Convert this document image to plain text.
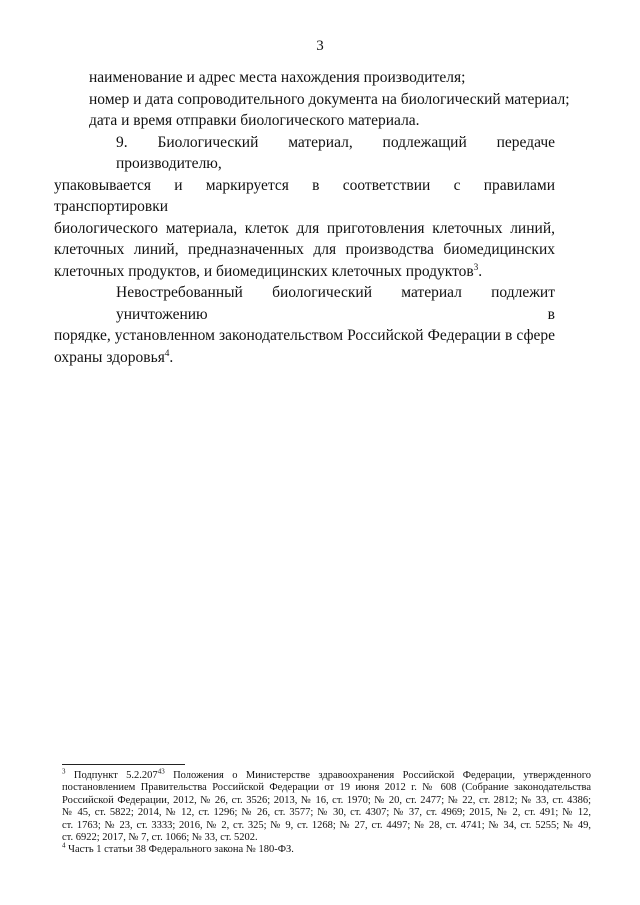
3
наименование и адрес места нахождения производителя;
номер и дата сопроводительного документа на биологический материал;
дата и время отправки биологического материала.
9. Биологический материал, подлежащий передаче производителю,
упаковывается и маркируется в соответствии с правилами транспортировки
биологического материала, клеток для приготовления клеточных линий,
клеточных линий, предназначенных для производства биомедицинских
клеточных продуктов, и биомедицинских клеточных продуктов$^3$.
Невостребованный биологический материал подлежит уничтожению в
порядке, установленном законодательством Российской Федерации в сфере
охраны здоровья$^4$.
$^3$ Подпункт 5.2.207$^{43}$ Положения о Министерстве здравоохранения Российской Федерации, утвержденного
постановлением Правительства Российской Федерации от 19 июня 2012 г. № 608 (Собрание законодательства
Российской Федерации, 2012, № 26, ст. 3526; 2013, № 16, ст. 1970; № 20, ст. 2477; № 22, ст. 2812; № 33, ст. 4386;
№ 45, ст. 5822; 2014, № 12, ст. 1296; № 26, ст. 3577; № 30, ст. 4307; № 37, ст. 4969; 2015, № 2, ст. 491; № 12,
ст. 1763; № 23, ст. 3333; 2016, № 2, ст. 325; № 9, ст. 1268; № 27, ст. 4497; № 28, ст. 4741; № 34, ст. 5255; № 49,
ст. 6922; 2017, № 7, ст. 1066; № 33, ст. 5202.
$^4$ Часть 1 статьи 38 Федерального закона № 180-ФЗ.
